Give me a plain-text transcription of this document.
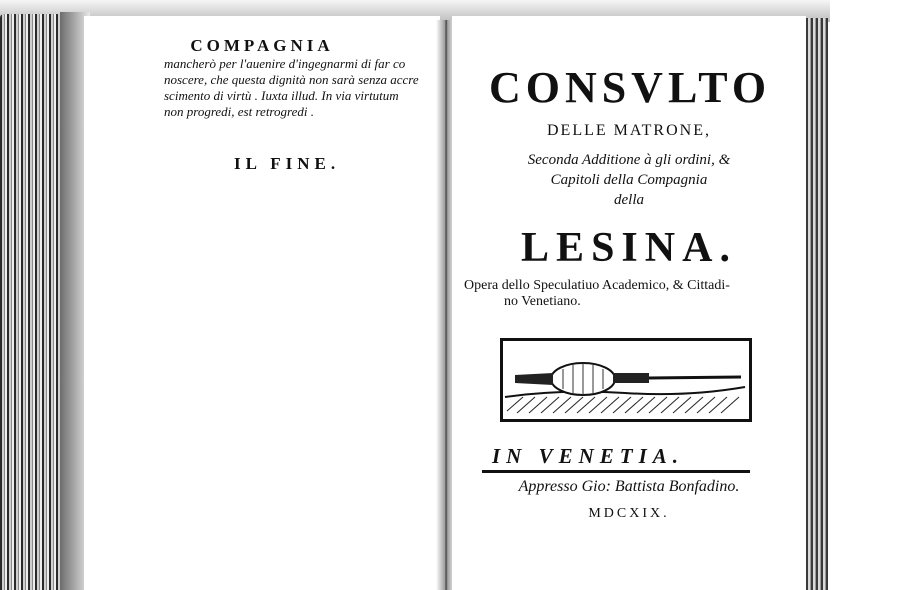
COMPAGNIA
mancherò per l'auenire d'ingegnarmi di far co
noscere, che questa dignità non sarà senza accre
scimento di virtù . Iuxta illud. In via virtutum
non progredi, est retrogredi .
IL FINE.
CONSVLTO
DELLE MATRONE,
Seconda Additione à gli ordini, &
Capitoli della Compagnia
della
LESINA.
Opera dello Speculatiuo Academico, & Cittadi-
no Venetiano.
IN VENETIA.
Appresso Gio: Battista Bonfadino.
MDCXIX.
